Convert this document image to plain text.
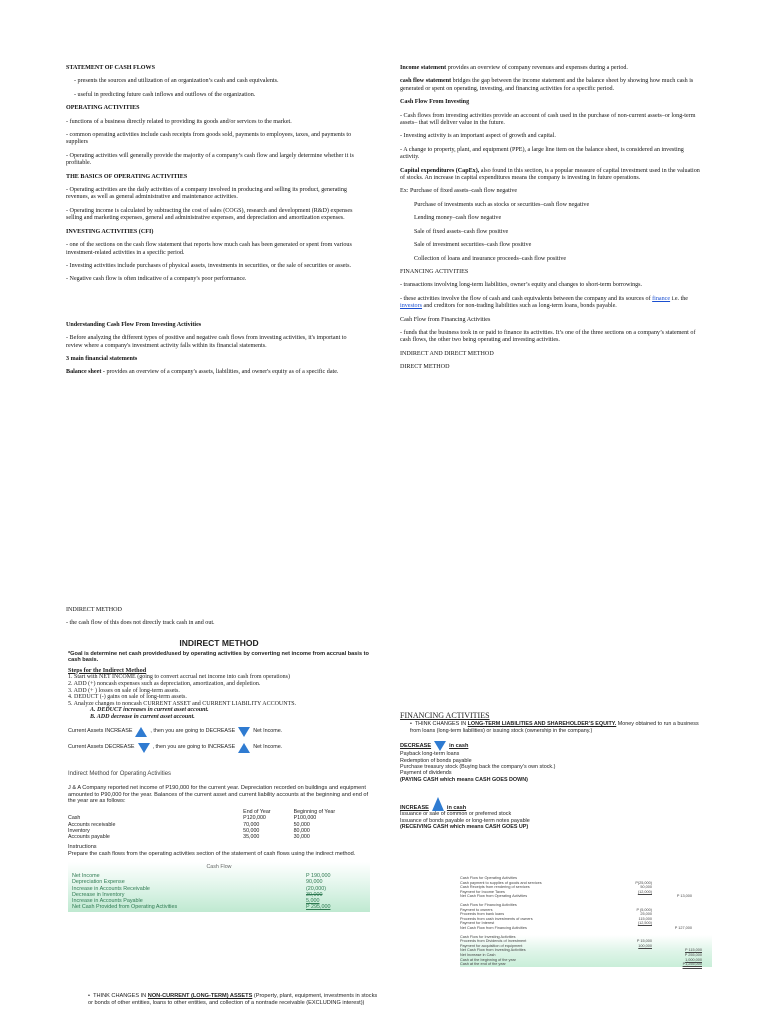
STATEMENT OF CASH FLOWS

- presents the sources and utilization of an organization’s cash and cash equivalents.

- useful in predicting future cash inflows and outflows of the organization.

OPERATING ACTIVITIES

- functions of a business directly related to providing its goods and/or services to the market.

- common operating activities include cash receipts from goods sold, payments to employees, taxes, and payments to suppliers

- Operating activities will generally provide the majority of a company’s cash flow and largely determine whether it is profitable.

THE BASICS OF OPERATING ACTIVITIES

- Operating activities are the daily activities of a company involved in producing and selling its product, generating revenues, as well as general administrative and maintenance activities.

- Operating income is calculated by subtracting the cost of sales (COGS), research and development (R&D) expenses selling and marketing expenses, general and administrative expenses, and depreciation and amortization expenses.

INVESTING ACTIVITIES (CFI)

- one of the sections on the cash flow statement that reports how much cash has been generated or spent from various investment-related activities in a specific period.

- Investing activities include purchases of physical assets, investments in securities, or the sale of securities or assets.

- Negative cash flow is often indicative of a company's poor performance.

Understanding Cash Flow From Investing Activities

- Before analyzing the different types of positive and negative cash flows from investing activities, it's important to review where a company's investment activity falls within its financial statements.

3 main financial statements

Balance sheet - provides an overview of a company's assets, liabilities, and owner's equity as of a specific date.

INDIRECT METHOD

- the cash flow of this does not directly track cash in and out.

Income statement provides an overview of company revenues and expenses during a period.

cash flow statement bridges the gap between the income statement and the balance sheet by showing how much cash is generated or spent on operating, investing, and financing activities for a specific period.

Cash Flow From Investing

- Cash flows from investing activities provide an account of cash used in the purchase of non-current assets–or long-term assets– that will deliver value in the future.

- Investing activity is an important aspect of growth and capital.

- A change to property, plant, and equipment (PPE), a large line item on the balance sheet, is considered an investing activity.

Capital expenditures (CapEx), also found in this section, is a popular measure of capital investment used in the valuation of stocks. An increase in capital expenditures means the company is investing in future operations.

Ex: Purchase of fixed assets–cash flow negative

Purchase of investments such as stocks or securities–cash flow negative

Lending money–cash flow negative

Sale of fixed assets–cash flow positive

Sale of investment securities–cash flow positive

Collection of loans and insurance proceeds–cash flow positive

FINANCING ACTIVITIES

- transactions involving long-term liabilities, owner’s equity and changes to short-term borrowings.

- these activities involve the flow of cash and cash equivalents between the company and its sources of finance i.e. the investors and creditors for non-trading liabilities such as long-term loans, bonds payable.

Cash Flow from Financing Activities

- funds that the business took in or paid to finance its activities. It’s one of the three sections on a company’s statement of cash flows, the other two being operating and investing activities.

INDIRECT AND DIRECT METHOD

DIRECT METHOD

INDIRECT METHOD
*Goal is determine net cash provided/used by operating activities by converting net income from accrual basis to cash basis.
Steps for the Indirect Method
1. Start with NET INCOME (going to convert accrual net income into cash from operations)
2. ADD (+) noncash expenses such as depreciation, amortization, and depletion.
3. ADD (+ ) losses on sale of long-term assets.
4. DEDUCT (-) gains on sale of long-term assets.
5. Analyze changes to noncash CURRENT ASSET and CURRENT LIABILITY ACCOUNTS.
A. DEDUCT increases in current asset account.
B. ADD decrease in current asset account.
Current Assets INCREASE	, then you are going to DECREASE	Net Income.
Current Assets DECREASE	, then you are going to INCREASE	Net Income.
Indirect Method for Operating Activities
J & A Company reported net income of P190,000 for the current year. Depreciation recorded on buildings and equipment amounted to P90,000 for the year. Balances of the current asset and current liability accounts at the beginning and end of the year are as follows:
	End of Year	Beginning of Year
Cash	P120,000	P100,000
Accounts receivable	70,000	50,000
Inventory	50,000	80,000
Accounts payable	35,000	30,000
Instructions
Prepare the cash flows from the operating activities section of the statement of cash flows using the indirect method.
Cash Flow
Net Income	P 190,000
Depreciation Expense	90,000
Increase in Accounts Receivable	(20,000)
Decrease in Inventory	30,000
Increase in Accounts Payable	5,000
Net Cash Provided from Operating Activities	P 295,000
FINANCING ACTIVITIES
•  THINK CHANGES IN LONG-TERM LIABILITIES AND SHAREHOLDER’S EQUITY. Money obtained to run a business from loans (long-term liabilities) or issuing stock (ownership in the company.)
DECREASE	in cash
Payback long-term loans
Redemption of bonds payable
Purchase treasury stock (Buying back the company’s own stock.)
Payment of dividends
(PAYING CASH which means CASH GOES DOWN)
INCREASE	in cash
Issuance or sale of common or preferred stock
Issuance of bonds payable or long-term notes payable
(RECEIVING CASH which means CASH GOES UP)
Cash Flow for Operating Activities
Cash payment to supplies of goods and services	P(25,000)
Cash Receipts from rendering of services	50,000
Payment for Income Taxes	(12,000)
Net Cash Flow from Operating Activities	P 13,000
Cash Flow for Financing Activities
Payment to owners	P (5,000)
Proceeds from bank loans	25,000
Proceeds from cash investments of owners	115,000
Payment for Interest	(12,500)
Net Cash Flow from Financing Activities	P 127,000
Cash Flow for Investing Activities
Proceeds from Dividends of Investment	P 15,000
Payment for acquisition of equipment	100,000
Net Cash Flow from Investing Activities	P 115,000
Net Increase in Cash	P 255,000
Cash at the beginning of the year	1,000,000
Cash at the end of the year	P1,255,000
•  THINK CHANGES IN NON-CURRENT (LONG-TERM) ASSETS (Property, plant, equipment, investments in stocks or bonds of other entities, loans to other entities, and collection of a nontrade receivable (EXCLUDING interest))
